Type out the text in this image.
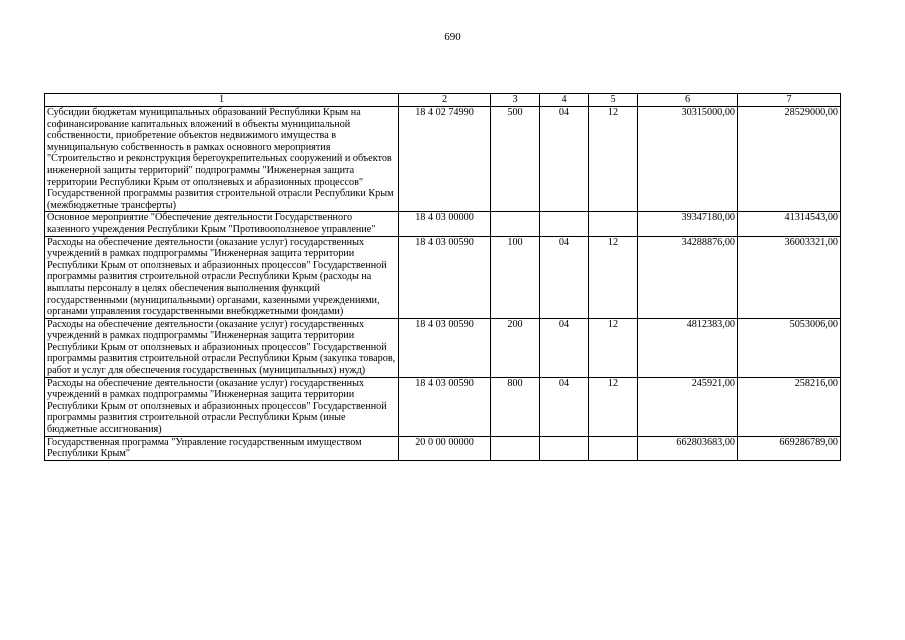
690
1	2	3	4	5	6	7
Субсидии бюджетам муниципальных образований Республики Крым на софинансирование капитальных вложений в объекты муниципальной собственности, приобретение объектов недвижимого имущества в муниципальную собственность в рамках основного мероприятия "Строительство и реконструкция берегоукрепительных сооружений и объектов инженерной защиты территорий" подпрограммы "Инженерная защита территории Республики Крым от оползневых и абразионных процессов" Государственной программы развития строительной отрасли Республики Крым (межбюджетные трансферты)	18 4 02 74990	500	04	12	30315000,00	28529000,00
Основное мероприятие "Обеспечение деятельности Государственного казенного учреждения Республики Крым "Противооползневое управление"	18 4 03 00000				39347180,00	41314543,00
Расходы на обеспечение деятельности (оказание услуг) государственных учреждений в рамках подпрограммы "Инженерная защита территории Республики Крым от оползневых и абразионных процессов" Государственной программы развития строительной отрасли Республики Крым (расходы на выплаты персоналу в целях обеспечения выполнения функций государственными (муниципальными) органами, казенными учреждениями, органами управления государственными внебюджетными фондами)	18 4 03 00590	100	04	12	34288876,00	36003321,00
Расходы на обеспечение деятельности (оказание услуг) государственных учреждений в рамках подпрограммы "Инженерная защита территории Республики Крым от оползневых и абразионных процессов" Государственной программы развития строительной отрасли Республики Крым (закупка товаров, работ и услуг для обеспечения государственных (муниципальных) нужд)	18 4 03 00590	200	04	12	4812383,00	5053006,00
Расходы на обеспечение деятельности (оказание услуг) государственных учреждений в рамках подпрограммы "Инженерная защита территории Республики Крым от оползневых и абразионных процессов" Государственной программы развития строительной отрасли Республики Крым (иные бюджетные ассигнования)	18 4 03 00590	800	04	12	245921,00	258216,00
Государственная программа "Управление государственным имуществом Республики Крым"	20 0 00 00000				662803683,00	669286789,00
